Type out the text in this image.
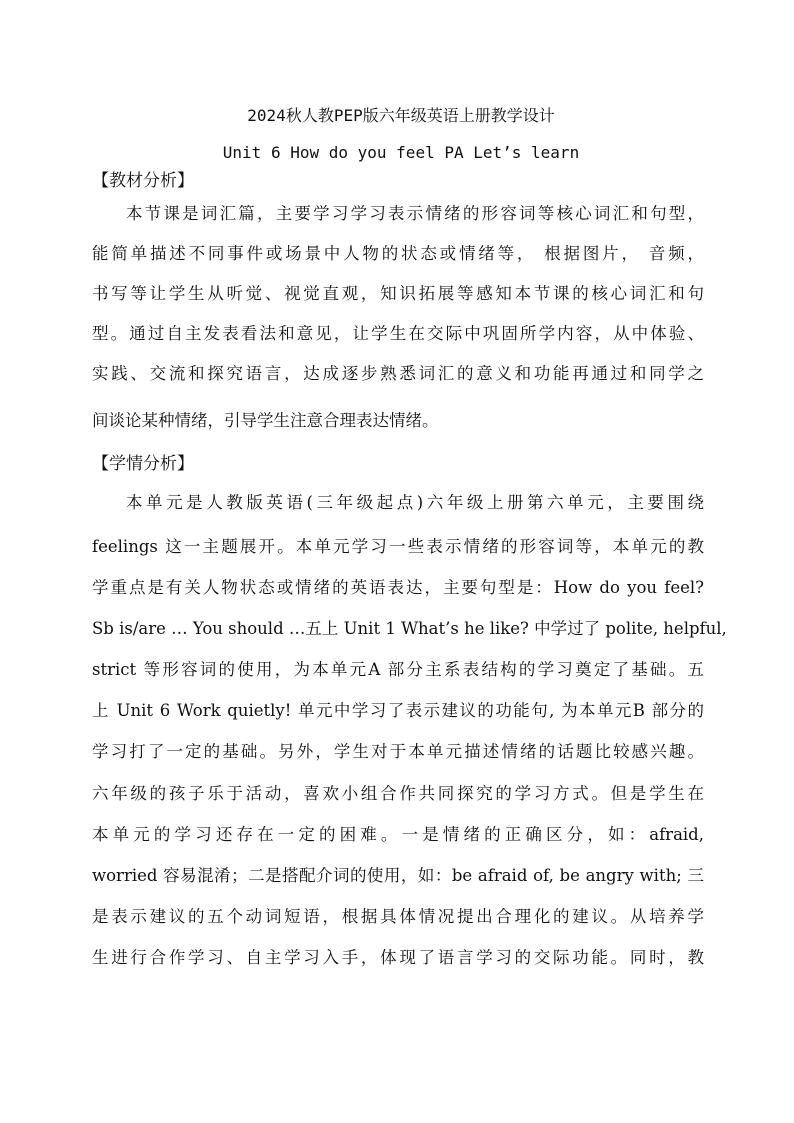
2024秋人教PEP版六年级英语上册教学设计
Unit 6 How do you feel PA Let’s learn
【教材分析】
本节课是词汇篇，主要学习学习表示情绪的形容词等核心词汇和句型，
能简单描述不同事件或场景中人物的状态或情绪等， 根据图片， 音频，
书写等让学生从听觉、视觉直观，知识拓展等感知本节课的核心词汇和句
型。通过自主发表看法和意见，让学生在交际中巩固所学内容，从中体验、
实践、交流和探究语言，达成逐步熟悉词汇的意义和功能再通过和同学之
间谈论某种情绪，引导学生注意合理表达情绪。
【学情分析】
本单元是人教版英语(三年级起点)六年级上册第六单元，主要围绕
feelings 这一主题展开。本单元学习一些表示情绪的形容词等，本单元的教
学重点是有关人物状态或情绪的英语表达，主要句型是：How do you feel?
Sb is/are … You should …五上 Unit 1 What’s he like? 中学过了 polite, helpful,
strict 等形容词的使用，为本单元A 部分主系表结构的学习奠定了基础。五
上 Unit 6 Work quietly! 单元中学习了表示建议的功能句, 为本单元B 部分的
学习打了一定的基础。另外，学生对于本单元描述情绪的话题比较感兴趣。
六年级的孩子乐于活动，喜欢小组合作共同探究的学习方式。但是学生在
本单元的学习还存在一定的困难。一是情绪的正确区分，如：afraid,
worried 容易混淆；二是搭配介词的使用，如：be afraid of, be angry with; 三
是表示建议的五个动词短语，根据具体情况提出合理化的建议。从培养学
生进行合作学习、自主学习入手，体现了语言学习的交际功能。同时，教
